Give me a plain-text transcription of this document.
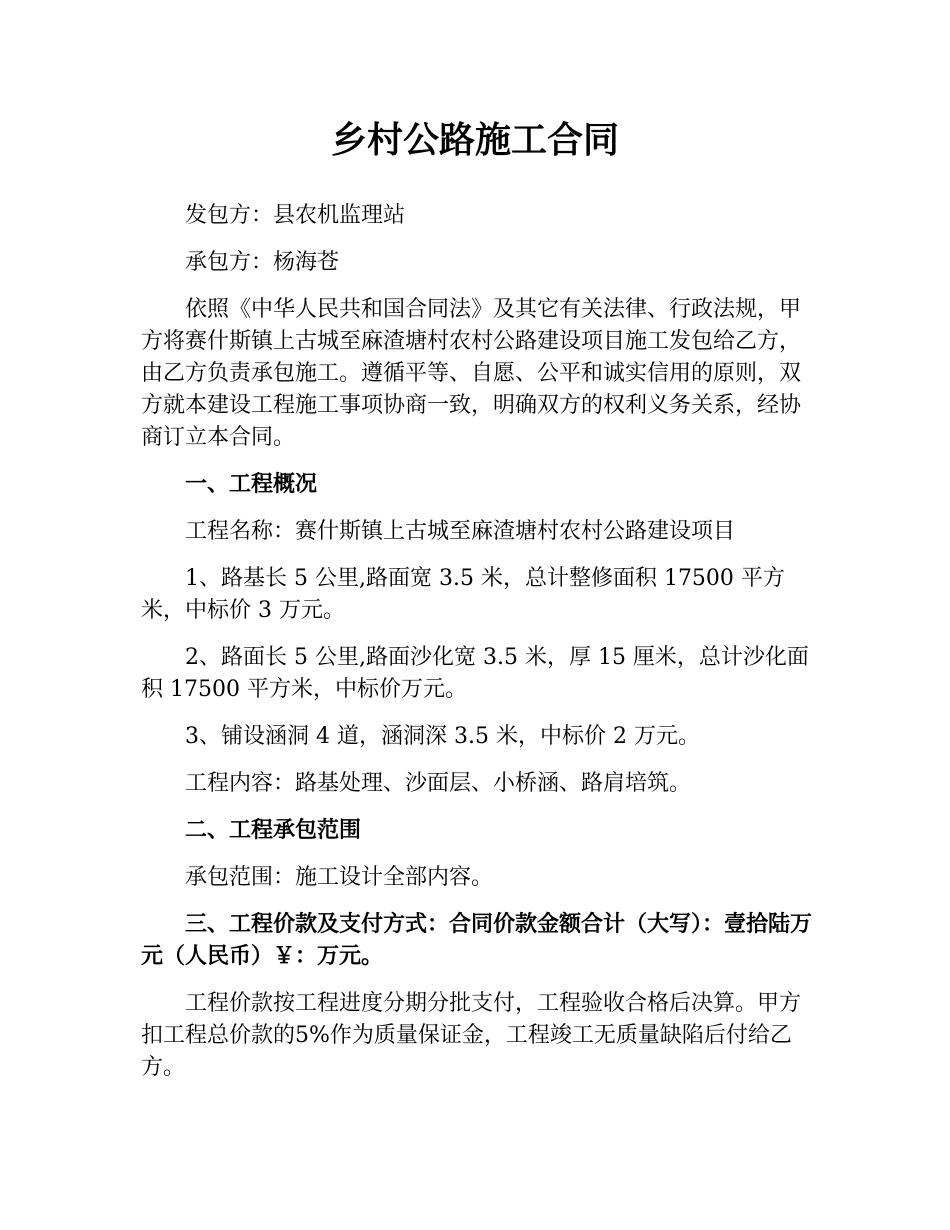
乡村公路施工合同

发包方：县农机监理站

承包方：杨海苍

依照《中华人民共和国合同法》及其它有关法律、行政法规，甲方将赛什斯镇上古城至麻渣塘村农村公路建设项目施工发包给乙方，由乙方负责承包施工。遵循平等、自愿、公平和诚实信用的原则，双方就本建设工程施工事项协商一致，明确双方的权利义务关系，经协商订立本合同。

一、工程概况

工程名称：赛什斯镇上古城至麻渣塘村农村公路建设项目

1、路基长 5 公里,路面宽 3.5 米，总计整修面积 17500 平方米，中标价 3 万元。

2、路面长 5 公里,路面沙化宽 3.5 米，厚 15 厘米，总计沙化面积 17500 平方米，中标价万元。

3、铺设涵洞 4 道，涵洞深 3.5 米，中标价 2 万元。

工程内容：路基处理、沙面层、小桥涵、路肩培筑。

二、工程承包范围

承包范围：施工设计全部内容。

三、工程价款及支付方式：合同价款金额合计（大写）：壹拾陆万元（人民币）￥：万元。

工程价款按工程进度分期分批支付，工程验收合格后决算。甲方扣工程总价款的5%作为质量保证金，工程竣工无质量缺陷后付给乙方。
